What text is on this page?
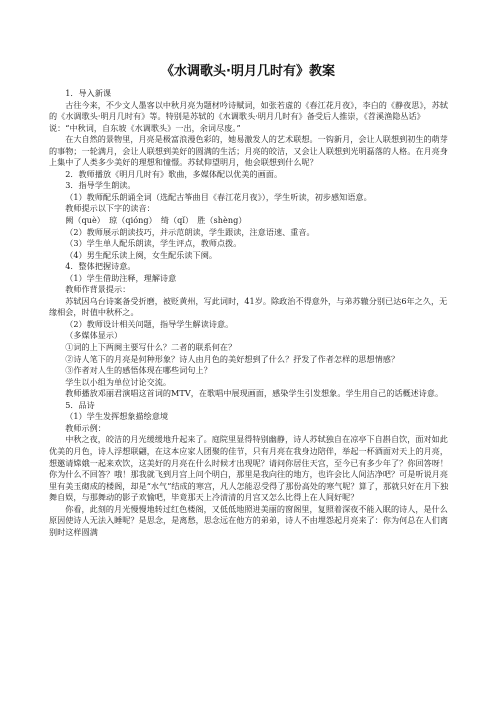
《水调歌头·明月几时有》教案

1．导入新课

古往今来，不少文人墨客以中秋月亮为题材吟诗赋词，如张若虚的《春江花月夜》，李白的《静夜思》，苏轼的《水调歌头·明月几时有》等。特别是苏轼的《水调歌头·明月几时有》备受后人推崇，《苕溪渔隐丛话》说：“中秋词，自东坡《水调歌头》一出，余词尽废。”

在大自然的景物里，月亮是极富浪漫色彩的，她易激发人的艺术联想。一钩新月，会让人联想到初生的萌芽的事物；一轮满月，会让人联想到美好的圆满的生活；月亮的皎洁，又会让人联想到光明磊落的人格。在月亮身上集中了人类多少美好的理想和憧憬。苏轼仰望明月，他会联想到什么呢？

2．教师播放《明月几时有》歌曲，多媒体配以优美的画面。

3．指导学生朗读。

（1）教师配乐朗诵全词（选配古筝曲目《春江花月夜》），学生听读，初步感知语意。

教师提示以下字的读音：

阙（què）　琼（qióng）　绮（qǐ）　胜（shèng）

（2）教师展示朗读技巧，并示范朗读，学生跟读，注意语速、重音。

（3）学生单人配乐朗读，学生评点，教师点拨。

（4）男生配乐读上阕，女生配乐读下阕。

4．整体把握诗意。

（1）学生借助注释，理解诗意

教师作背景提示：

苏轼因乌台诗案备受折磨，被贬黄州，写此词时，41岁。除政治不得意外，与弟苏辙分别已达6年之久，无缘相会，时值中秋杯之。

（2）教师设计相关问题，指导学生解读诗意。

（多媒体显示）

①词的上下两阕主要写什么？二者的联系何在？

②诗人笔下的月亮是何种形象？诗人由月色的美好想到了什么？抒发了作者怎样的思想情感？

③作者对人生的感悟体现在哪些词句上？

学生以小组为单位讨论交流。

教师播放邓丽君演唱这首词的MTV，在歌唱中展现画面，感染学生引发想象。学生用自己的话概述诗意。

5．品诗

（1）学生发挥想象描绘意境

教师示例：

中秋之夜，皎洁的月光缓缓地升起来了。庭院里显得特别幽静，诗人苏轼独自在凉亭下自斟自饮，面对如此优美的月色，诗人浮想联翩，在这本应家人团聚的佳节，只有月亮在我身边陪伴，举起一杯酒面对天上的月亮，想邀请嫦娥一起来欢饮，这美好的月亮在什么时候才出现呢？请问你居住天宫，至今已有多少年了？你回答呀！你为什么不回答？哦！那我就飞到月宫上问个明白，那里是我向往的地方，也许会比人间洁净吧？可是听说月亮里有美玉砌成的楼阁，却是“水气”结成的寒宫，凡人怎能忍受得了那份高处的寒气呢？算了，那就只好在月下独舞自娱，与那舞动的影子欢愉吧，毕竟那天上冷清清的月宫又怎么比得上在人间好呢？

你看，此刻的月光慢慢地转过红色楼阁，又低低地照进美丽的窗阁里，复照着深夜不能入眠的诗人，是什么原因使诗人无法入睡呢？是思念，是离愁，思念远在他方的弟弟，诗人不由埋怨起月亮来了：你为何总在人们离别时这样圆满
